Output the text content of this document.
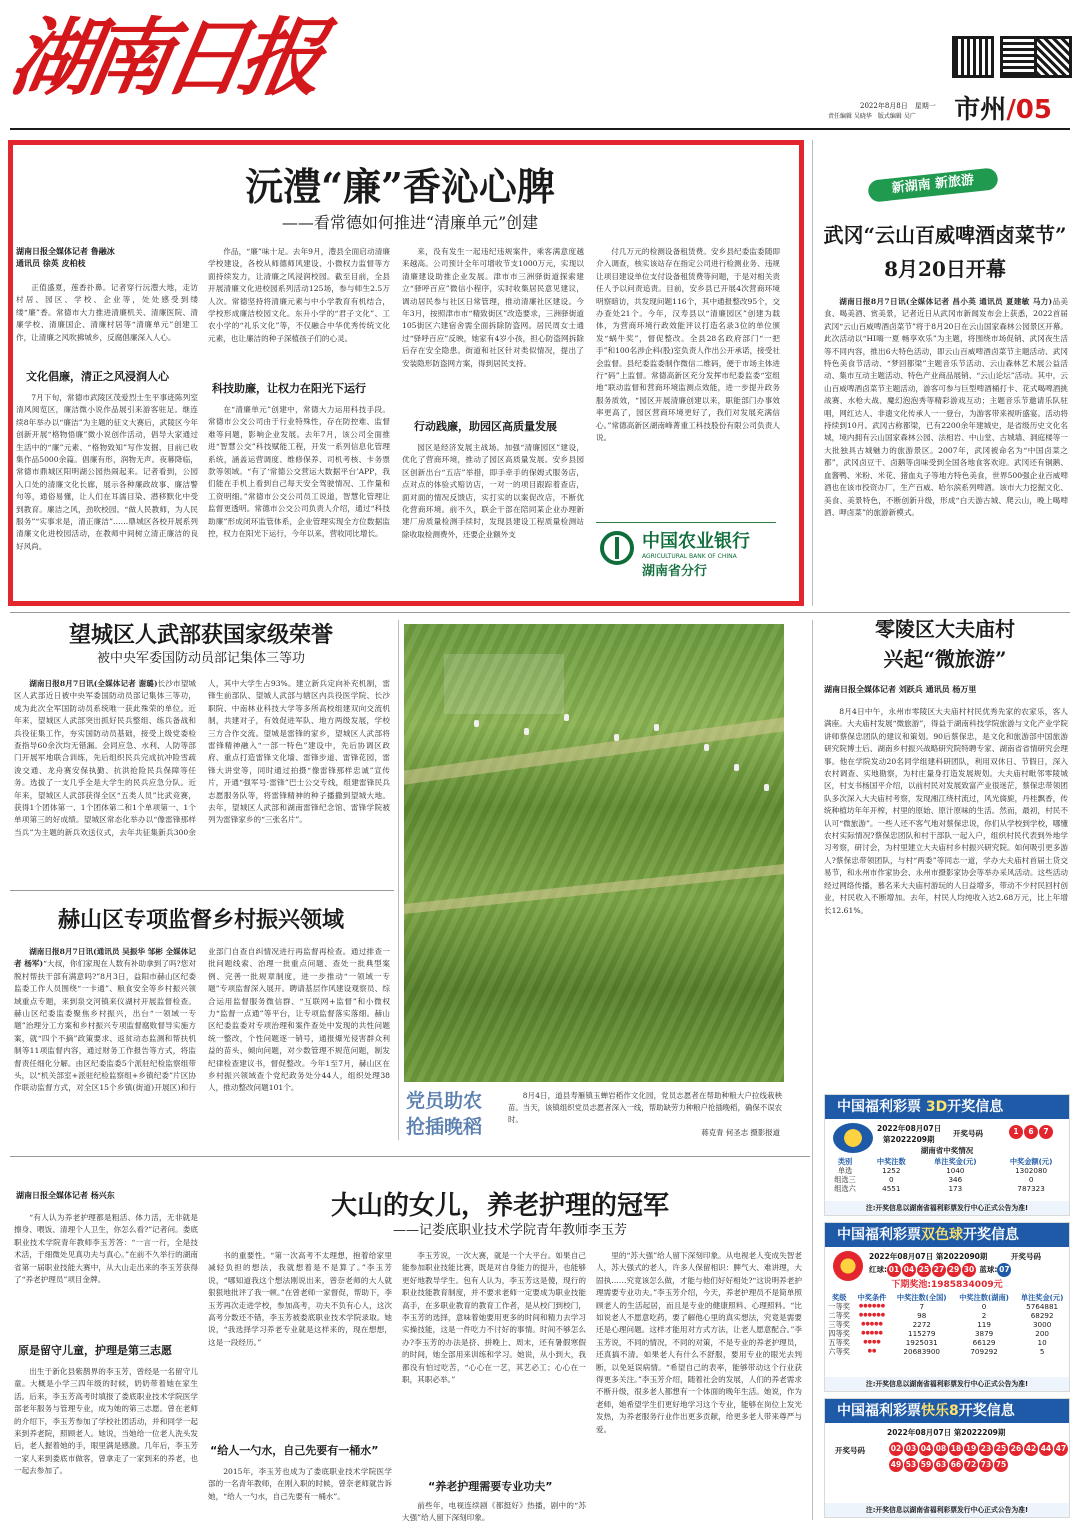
湖南日报	2022年8月8日　星期一
责任编辑 吴晓华　版式编辑 吴广	市州/05
沅澧“廉”香沁心脾
——看常德如何推进“清廉单元”创建
湖南日报全媒体记者 鲁融冰
通讯员 徐英 皮柏枝

正值盛夏，莲香扑鼻。记者穿行沅澧大地，走访村居、园区、学校、企业等，处处感受到缕缕“廉”香。常德市大力推进清廉机关、清廉医院、清廉学校、清廉国企、清廉村居等“清廉单元”创建工作，让清廉之风吹拂城乡，反腐倡廉深入人心。

文化倡廉，清正之风浸润人心

7月下旬，常德市武陵区茂爱烈士生平事迹陈列室清风阅览区，廉洁微小说作品展引来游客驻足。继连续8年举办以“廉洁”为主题的征文大赛后，武陵区今年创新开展“格物悟廉”微小说创作活动，倡导大家通过生活中的“廉”元素、“格物致知”写作发掘、目前已收集作品5000余篇。倡廉有形，润物无声。夜幕降临，常德市鼎城区阳明湖公园热闹起来。记者看到，公园入口处的清廉文化长廊，展示各种廉政故事、廉洁警句等，通俗易懂，让人们在耳濡目染、潜移默化中受到教育。廉洁之风，劲吹校园。“做人民教师，为人民服务”“实事求是，清正廉洁”……鼎城区各校开展系列清廉文化进校园活动，在教师中间树立清正廉洁的良好风尚。

作品，“廉”味十足。去年9月，澧县全面启动清廉学校建设，各校从师德师风建设、小微权力监督等方面持续发力，让清廉之风浸润校园。截至目前，全县开展清廉文化进校园系列活动125场，参与师生2.5万人次。常德坚持将清廉元素与中小学教育有机结合，学校形成廉洁校园文化。东升小学的“君子文化”、工农小学的“礼乐文化”等，不仅融合中华优秀传统文化元素，也让廉洁的种子深植孩子们的心灵。

科技助廉，让权力在阳光下运行

在“清廉单元”创建中，常德大力运用科技手段。常德市公交公司由于行业特殊性，存在防控难、监督难等问题，影响企业发展。去年7月，该公司全面推进“智慧公交”科技赋能工程，开发一系列信息化管理系统，涵盖运营调度、维修保养、司机考核、卡务票款等领域。“有了‘常德公交营运大数据平台’APP，我们能在手机上看到自己每天安全驾驶情况、工作量和工资明细。”常德市公交公司员工说道，智慧化管理让监督更透明。常德市公交公司负责人介绍，通过“科技助廉”形成闭环监管体系，企业管理实现全方位数据监控，权力在阳光下运行，今年以来，营收同比增长。

来，没有发生一起违纪违规案件，乘客满意度越来越高。公司预计全年可增收节支1000万元，实现以清廉建设助推企业发展。津市市三洲驿街道探索建立“驿呼百应”微信小程序，实时收集居民意见建议，调动居民参与社区日常管理，推动清廉社区建设。今年3月，按照津市市“精致街区”改造要求，三洲驿街道105街区六建宿舍需全面拆除防盗网。居民周女士通过“驿呼百应”反映，她家有4岁小孩，担心防盗网拆除后存在安全隐患。街道和社区针对类似情况，提出了安装隐形防盗网方案，得到居民支持。

行动践廉，助园区高质量发展

园区是经济发展主战场。加强“清廉园区”建设，优化了营商环境，推动了园区高质量发展。安乡县园区创新出台“五店”举措，即手牵手的保姆式服务店，点对点的体验式赔访店，一对一的项目跟踪着查店，面对面的情况反馈店，实打实的以案促改店，不断优化营商环境。前不久，联企干部在陪同某企业办理新建厂房质量检测手续时，发现县建设工程质量检测站除收取检测费外，还要企业额外支

付几万元的检测设备租赁费。安乡县纪委监委随即介入调查，核实该站存在指定公司进行检测业务、违规让项目建设单位支付设备租赁费等问题，于是对相关责任人予以问责追责。目前，安乡县已开展4次营商环境明察暗访，共发现问题116个，其中通报整改95个，交办查处21个。今年，汉寿县以“清廉园区”创建为载体，为营商环境行政效能评议打造名录3位的单位颁发“蜗牛奖”，督促整改。全县28名政府部门“一把手”和100名涉企科(股)室负责人作出公开承诺，接受社会监督。县纪委监委制作微信二维码，便于市场主体进行“码”上监督。常德高新区充分发挥市纪委监委“室组地”联动监督和营商环境监测点效能，进一步提升政务服务质效，“园区开展清廉创建以来，职能部门办事效率更高了，园区营商环境更好了，我们对发展充满信心。”常德高新区湖南峰菁重工科技股份有限公司负责人说。

中国农业银行
AGRICULTURAL BANK OF CHINA
湖南省分行
新湖南 新旅游
武冈“云山百威啤酒卤菜节”
8月20日开幕

湖南日报8月7日讯(全媒体记者 昌小英 通讯员 夏建敏 马力)品美食、喝美酒、赏美景，记者近日从武冈市新闻发布会上获悉，2022首届武冈“云山百威啤酒卤菜节”将于8月20日在云山国家森林公园景区开幕。此次活动以“HI嗨一夏 畅享欢乐”为主题，将围绕市场促销、武冈夜生活等不同内容，推出6大特色活动，即云山百威啤酒卤菜节主题活动、武冈特色美食节活动、“梦回都梁”主题音乐节活动、云山森林艺术展公益活动、集市互动主题活动、特色产业商品展销、“云山论坛”活动。其中，云山百威啤酒卤菜节主题活动，游客可参与巨型啤酒桶打卡、花式喝啤酒挑战赛、水枪大战、魔幻泡泡秀等精彩游戏互动；主题音乐节邀请乐队驻唱，网红达人、非遗文化传承人一一登台，为游客带来视听盛宴。活动将持续到10月。武冈古称都梁，已有2200余年建城史，是省级历史文化名城，境内拥有云山国家森林公园、法相岩、中山堂、古城墙、洞庭楼等一大批独具古城魅力的旅游景区。2007年，武冈被命名为“中国卤菜之都”，武冈卤豆干、卤鹅等卤味受到全国各地食客欢迎。武冈还有铜鹅、血酱鸭、米粉、米花、猪血丸子等地方特色美食，世界500强企业百威啤酒也在该市投资办厂，生产百威、哈尔滨系列啤酒。该市大力挖掘文化、美食、美景特色，不断创新升级，形成“白天游古城、爬云山，晚上喝啤酒、呷卤菜”的旅游新模式。

望城区人武部获国家级荣誉
被中央军委国防动员部记集体三等功

湖南日报8月7日讯(全媒体记者 谢璐)长沙市望城区人武部近日被中央军委国防动员部记集体三等功，成为此次全军国防动员系统唯一获此殊荣的单位。近年来，望城区人武部突出抓好民兵整组、练兵备战和兵役征集工作，夯实国防动员基础，接受上级党委检查指导60余次均无错漏。会同应急、水利、人防等部门开展军地联合训练，先后组织民兵完成抗冲险雪疏浚交通、龙舟赛安保执勤、抗洪抢险民兵保障等任务。选拔了一支几乎全是大学生的民兵应急分队。近年来，望城区人武部获得全区“五类人员”比武竞赛，获得1个团体第一、1个团体第二和1个单项第一、1个单项第三的好成绩。望城区常态化举办以“像雷锋那样当兵”为主题的新兵欢送仪式，去年共征集新兵300余人，其中大学生占93%。建立新兵定向补充机制，雷锋生前部队、望城人武部与辖区内兵役医学院、长沙职院、中南林业科技大学等多所高校组建双向交流机制，共建对子，有效促进军队、地方两级发展，学校三方合作交流。望城是雷锋的家乡，望城区人武部将雷锋精神融入“一部一特色”建设中，先后协调区政府、重点打造雷锋文化墙、雷锋步道、雷锋花园，雷锋大讲堂等，同时通过拍摄“像雷锋那样忠诚”宣传片，开通“强军号·雷锋”巴士公交专线，组建雷锋民兵志愿服务队等，将雷锋精神的种子播撒到望城大地。去年，望城区人武部和湖南雷锋纪念馆、雷锋学院被列为雷锋家乡的“三张名片”。

赫山区专项监督乡村振兴领域

湖南日报8月7日讯(通讯员 吴振华 邹彬 全媒体记者 杨军)“大叔，你们家现在人数有补助拿到了吗?您对脱村帮扶干部有满意吗?”8月3日，益阳市赫山区纪委监委工作人员围绕“一卡通”、粮食安全等乡村振兴领域重点专题，来到泉交河镇来仪湖村开展监督检查。赫山区纪委监委聚焦乡村振兴，出台“一领域一专题”治理分工方案和乡村振兴专项监督腐败督导实施方案，就“四个不摘”政策要求、返贫动态监测和帮扶机制等11项监督内容，通过财务工作报告等方式，将监督责任细化分解。由区纪委监委5个派驻纪检监察组带头，以“机关部室+派驻纪检监察组+乡镇纪委”片区协作联动监督方式，对全区15个乡镇(街道)开展区)和行业部门自查自纠情况进行再监督再检查。通过排查一批问题线索、治理一批重点问题、查处一批典型案例、完善一批规章制度，进一步推动“一领域一专题”专项监督深入展开。聘请基层作风建设观察员、综合运用监督服务微信群、“互联网+监督”和小微权力“监督一点通”等平台，让专项监督落实落细。赫山区纪委监委对专项治理和案件查处中发现的共性问题统一整改，个性问题逐一销号，通报爆光侵害群众利益的苗头、倾向问题，对少数管理不规范问题，制发纪律检查建议书，督促整改。今年1至7月，赫山区在乡村振兴领域查个党纪政务处分44人，组织处理38人，推动整改问题101个。

党员助农抢插晚稻

8月4日，道县寿雁镇玉蝉岩稻作文化园，党员志愿者在帮助种粮大户拉线栽秧苗。当天，该镇组织党员志愿者深入一线，帮助缺劳力种粮户抢插晚稻，确保不误农时。

蒋克青 何圣志 摄影报道
零陵区大夫庙村
兴起“微旅游”
湖南日报全媒体记者 刘跃兵 通讯员 杨万里

8月4日中午，永州市零陵区大夫庙村村民优秀先家的农家乐，客人满座。大夫庙村发展“微旅游”，得益于湖南科技学院旅游与文化产业学院讲师蔡保忠团队的建议和策划。90后蔡保忠，是文化和旅游部中国旅游研究院博士后、湖南乡村振兴战略研究院特聘专家、湖南省省情研究会理事。他在学院发动20名同学组建科研团队，利用双休日、节假日，深入农村调查、实地勘察，为村庄量身打造发展规划。大夫庙村毗邻零陵城区，村支书杨国平介绍，以前村民对发展致富产业很迷茫，蔡保忠带领团队多次深入大夫庙村考察，发现湘江绕村流过，风光旖旎，丹桂飘香，传统种植坊年年开榨，村里的原始、原汁原味的生活。然而，最初，村民不认可“微旅游”。一些人还不客气地对蔡保忠说，你们从学校到学校，哪懂农村实际情况?蔡保忠团队和村干部队一起入户，组织村民代表到外地学习考察，研讨会，为村里建立大夫庙村乡村振兴研究院。如何吸引更多游人?蔡保忠带领团队，与村“两委”等同志一道，学办大夫庙村首届土货交易节，和永州市作家协会、永州市摄影家协会等举办采风活动。这些活动经过网络传播，慕名来大夫庙村游玩的人日益增多，带动不少村民回村创业，村民收入不断增加。去年，村民人均纯收入达2.68万元，比上年增长12.61%。

中国福利彩票 3D开奖信息
2022年08月07日
第2022209期
开奖号码	1 6 7
湖南省中奖情况
类别	中奖注数	单注奖金(元)	中奖金额(元)
单选	1252	1040	1302080
组选三	0	346	0
组选六	4551	173	787323
注:开奖信息以湖南省福利彩票发行中心正式公告为准!
中国福利彩票双色球开奖信息
2022年08月07日 第2022090期	开奖号码
红球: 01 04 25 27 29 30 蓝球: 07
下期奖池:1985834009元
奖级	中奖条件	中奖注数(全国)	中奖注数(湖南)	单注奖金(元)
一等奖	●●●●●●	7	0	5764881
二等奖	●●●●●●	98	2	68292
三等奖	●●●●●	2272	119	3000
四等奖	●●●●●	115279	3879	200
五等奖	●●●●	1925031	66129	10
六等奖	●●	20683900	709292	5
注:开奖信息以湖南省福利彩票发行中心正式公告为准!
中国福利彩票快乐8开奖信息
2022年08月07日 第2022209期
开奖号码	02 03 04 08 18 19 23 25 26 42 44 4749 53 59 63 66 72 73 75
注:开奖信息以湖南省福利彩票发行中心正式公告为准!
湖南日报全媒体记者 杨兴东	大山的女儿，养老护理的冠军
——记娄底职业技术学院青年教师李玉芳

“有人认为养老护理都是粗活、体力活，无非就是擦身、喂饭、清理个人卫生，你怎么看?”记者问。娄底职业技术学院青年教师李玉芳答：“一言一行，全是技术活，于细微处见真功夫与真心。”在前不久举行的湖南省第一届职业技能大赛中，从大山走出来的李玉芳获得了“养老护理员”项目金牌。

原是留守儿童，护理是第三志愿

出生于新化县紫鹊界的李玉芳，曾经是一名留守儿童。大概是小学三四年级的时候，奶奶带着她在家生活。后来，李玉芳高考时填报了娄底职业技术学院医学部老年服务与管理专业，成为她的第三志愿。曾在老师的介绍下，李玉芳参加了学校社团活动，并和同学一起来到养老院，照顾老人。她说，当她给一位老人洗头发后，老人握着她的手，眼里满是感激。几年后，李玉芳一家人来到娄底市做客，曾拿走了一家到来的养老，也一起去参加了。

书的重要性。“第一次高考不太理想，抱着给家里减轻负担的想法，我就想着是不是算了。”李玉芳说，“哪知道我这个想法刚说出来，曾奈老师的大人就狠狠地批评了我一顿。”在曾老师一家督促，帮助下，李玉芳再次走进学校，参加高考，功夫不负有心人，这次高考分数还不错，李玉芳被娄底职业技术学院录取。她说，“我选择学习养老专业就是这样来的，现在想想，这是一段经历。”

“给人一勺水，自己先要有一桶水”

2015年，李玉芳也成为了娄底职业技术学院医学部的一名青年教师，在刚入职的时候，曾奈老师就告诉她，“给人一勺水，自己先要有一桶水”。

李玉芳说，一次大赛，就是一个大平台。如果自己能参加职业技能比赛，既是对自身能力的提升，也能够更好地教导学生。包有人认为，李玉芳这是傻，现行的职业技能教育制度，并不要求老师一定要成为职业技能高手，在多职业教育的教育工作者，是从校门到校门，李玉芳的选择，意味着她要用更多的时间和精力去学习实操技能，这是一件吃力不讨好的事情。时间不够怎么办?李玉芳的办法是挤、拼晚上、周末，还有暑假寒假的时间，她全部用来训练和学习。她说，从小到大，我都没有怕过吃苦，“心心在一艺，其艺必工；心心在一职，其职必举。”

“养老护理需要专业功夫”

前些年，电视连续剧《都挺好》热播，剧中的“苏大强”给人留下深刻印象。

里的“苏大强”给人留下深刻印象。从电视老人变成失智老人，苏大强式的老人，许多人保留相识：脾气大、难讲理，大固执……究竟该怎么做，才能与他们好好相处?“这说明养老护理需要专业功夫。”李玉芳介绍，今天，养老护理员不是简单照顾老人的生活起居，而且是专业的健康照料、心理照料。“比如说老人不愿意吃药，要了解他心里的真实想法，究竟是需要还是心理问题。这样才能用对方式方法，让老人愿意配合。”李玉芳说，不同的情况，不同的对策，不是专业的养老护理员，还真搞不清。如果老人有什么不舒服，要用专业的眼光去判断，以免延误病情。“希望自己的表率，能够带动这个行业获得更多关注。”李玉芳介绍，随着社会的发展，人们的养老需求不断升级，很多老人都想有一个体面的晚年生活。她说，作为老师，她希望学生们更好地学习这个专业，能够在岗位上发光发热，为养老服务行业作出更多贡献，给更多老人带来尊严与爱。
